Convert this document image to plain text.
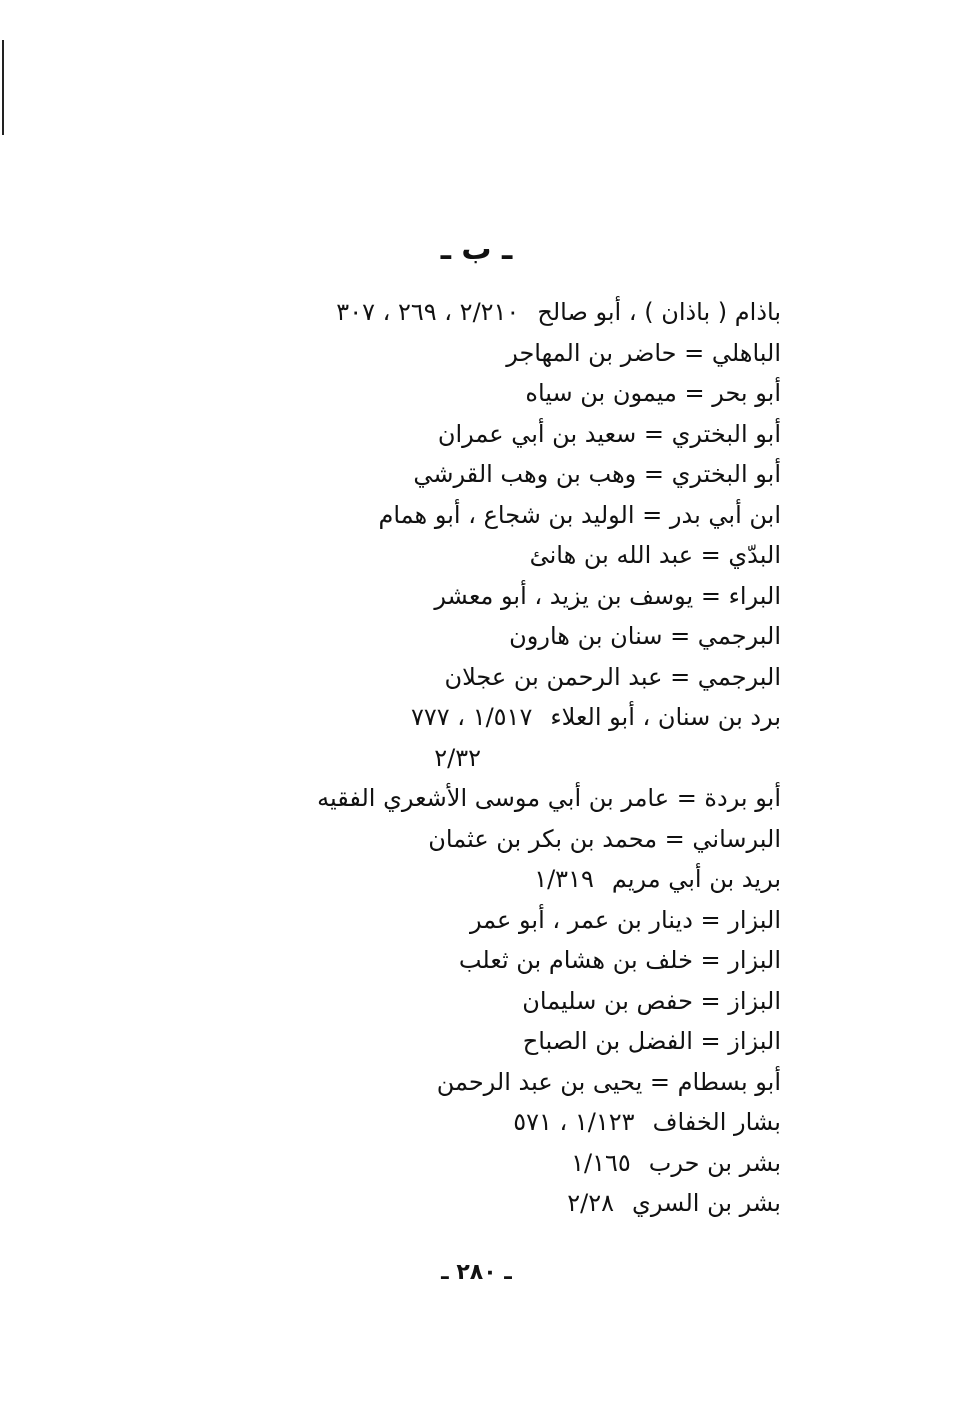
ـ ب ـ
باذام ( باذان ) ، أبو صالح٢/٢١٠ ، ٢٦٩ ، ٣٠٧
الباهلي = حاضر بن المهاجر
أبو بحر = ميمون بن سياه
أبو البختري = سعيد بن أبي عمران
أبو البختري = وهب بن وهب القرشي
ابن أبي بدر = الوليد بن شجاع ، أبو همام
البدّي = عبد الله بن هانئ
البراء = يوسف بن يزيد ، أبو معشر
البرجمي = سنان بن هارون
البرجمي = عبد الرحمن بن عجلان
برد بن سنان ، أبو العلاء١/٥١٧ ، ٧٧٧
٢/٣٢
أبو بردة = عامر بن أبي موسى الأشعري الفقيه
البرساني = محمد بن بكر بن عثمان
بريد بن أبي مريم١/٣١٩
البزار = دينار بن عمر ، أبو عمر
البزار = خلف بن هشام بن ثعلب
البزاز = حفص بن سليمان
البزاز = الفضل بن الصباح
أبو بسطام = يحيى بن عبد الرحمن
بشار الخفاف١/١٢٣ ، ٥٧١
بشر بن حرب١/١٦٥
بشر بن السري٢/٢٨
ـ ٢٨٠ ـ
